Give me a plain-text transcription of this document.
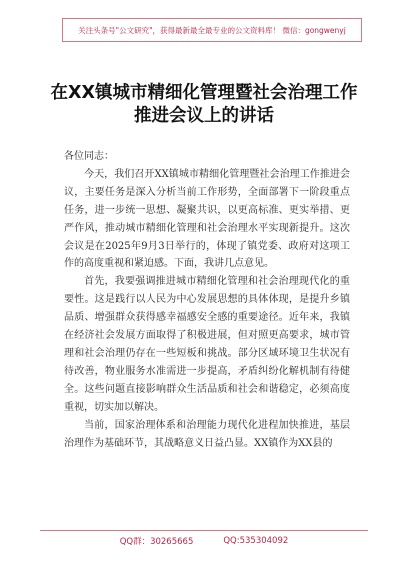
关注头条号"公文研究"，获得最新最全最专业的公文资料库！ 微信：gongwenyj
在XX镇城市精细化管理暨社会治理工作
推进会议上的讲话

各位同志：

今天，我们召开XX镇城市精细化管理暨社会治理工作推进会议，主要任务是深入分析当前工作形势，全面部署下一阶段重点任务，进一步统一思想、凝聚共识，以更高标准、更实举措、更严作风，推动城市精细化管理和社会治理水平实现新提升。这次会议是在2025年9月3日举行的，体现了镇党委、政府对这项工作的高度重视和紧迫感。下面，我讲几点意见。

首先，我要强调推进城市精细化管理和社会治理现代化的重要性。这是践行以人民为中心发展思想的具体体现，是提升乡镇品质、增强群众获得感幸福感安全感的重要途径。近年来，我镇在经济社会发展方面取得了积极进展，但对照更高要求，城市管理和社会治理仍存在一些短板和挑战。部分区域环境卫生状况有待改善，物业服务水准需进一步提高，矛盾纠纷化解机制有待健全。这些问题直接影响群众生活品质和社会和谐稳定，必须高度重视，切实加以解决。

当前，国家治理体系和治理能力现代化进程加快推进，基层治理作为基础环节，其战略意义日益凸显。XX镇作为XX县的

QQ群：30265665	QQ:535304092
